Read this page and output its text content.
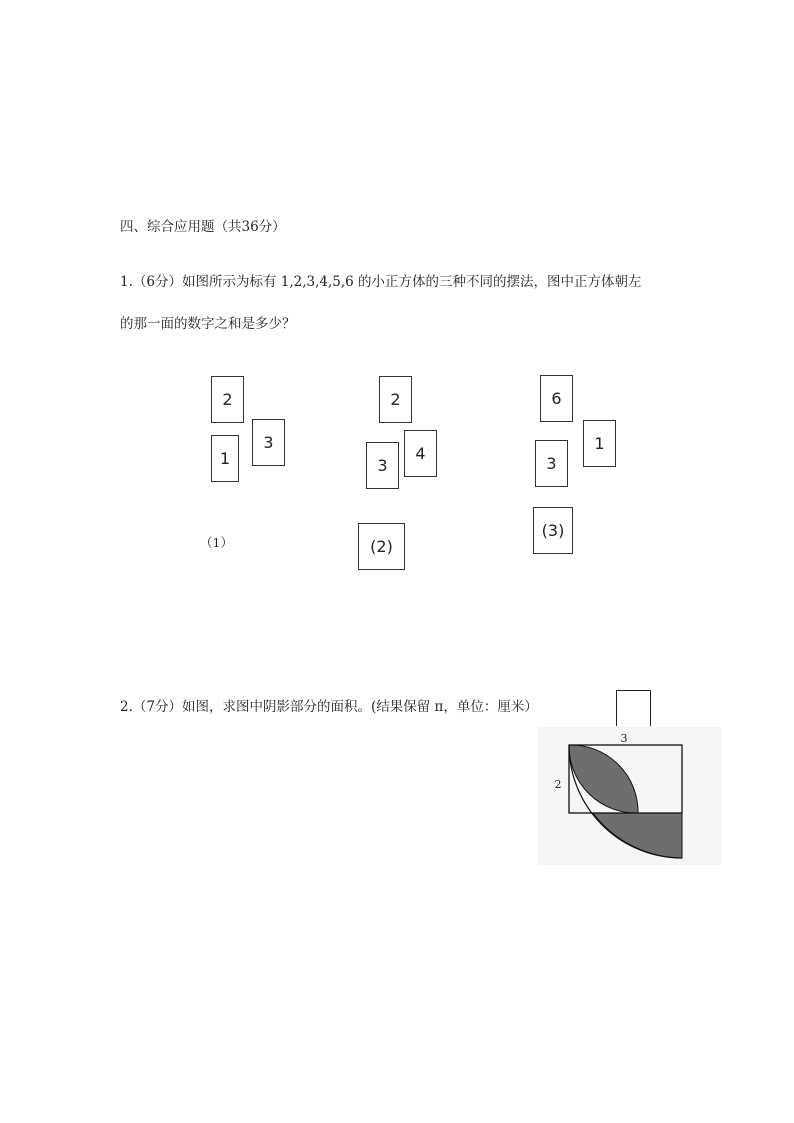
四、综合应用题（共36分）
1.（6分）如图所示为标有 1,2,3,4,5,6 的小正方体的三种不同的摆法，图中正方体朝左
的那一面的数字之和是多少？
2
1
3
（1）
2
3
4
(2)
6
3
1
(3)
2.（7分）如图，求图中阴影部分的面积。(结果保留 π，单位：厘米）
3
2
